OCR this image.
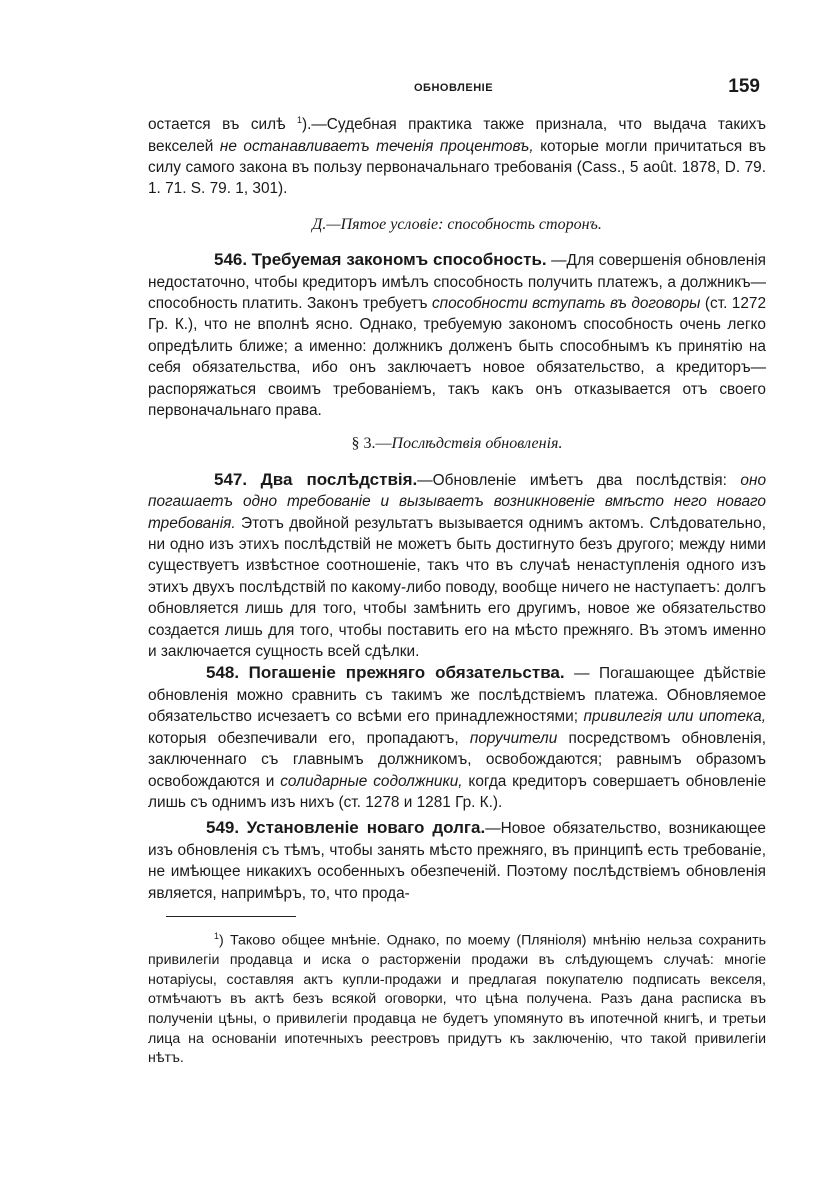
ОБНОВЛЕНІЕ	159

остается въ силѣ $^1$).—Судебная практика также признала, что выдача такихъ векселей не останавливаетъ теченія процентовъ, которые могли причитаться въ силу самого закона въ пользу первоначальнаго требованія (Cass., 5 août. 1878, D. 79. 1. 71. S. 79. 1, 301).

Д.—Пятое условіе: способность сторонъ.

546. Требуемая закономъ способность. —Для совершенія обновленія недостаточно, чтобы кредиторъ имѣлъ способность получить платежъ, а должникъ—способность платить. Законъ требуетъ способности вступать въ договоры (ст. 1272 Гр. К.), что не вполнѣ ясно. Однако, требуемую закономъ способность очень легко опредѣлить ближе; а именно: должникъ долженъ быть способнымъ къ принятію на себя обязательства, ибо онъ заключаетъ новое обязательство, а кредиторъ—распоряжаться своимъ требованіемъ, такъ какъ онъ отказывается отъ своего первоначальнаго права.

§ 3.—Послѣдствія обновленія.

547. Два послѣдствія.—Обновленіе имѣетъ два послѣдствія: оно погашаетъ одно требованіе и вызываетъ возникновеніе вмѣсто него новаго требованія. Этотъ двойной результатъ вызывается однимъ актомъ. Слѣдовательно, ни одно изъ этихъ послѣдствій не можетъ быть достигнуто безъ другого; между ними существуетъ извѣстное соотношеніе, такъ что въ случаѣ ненаступленія одного изъ этихъ двухъ послѣдствій по какому-либо поводу, вообще ничего не наступаетъ: долгъ обновляется лишь для того, чтобы замѣнить его другимъ, новое же обязательство создается лишь для того, чтобы поставить его на мѣсто прежняго. Въ этомъ именно и заключается сущность всей сдѣлки.

548. Погашеніе прежняго обязательства. — Погашающее дѣйствіе обновленія можно сравнить съ такимъ же послѣдствіемъ платежа. Обновляемое обязательство исчезаетъ со всѣми его принадлежностями; привилегія или ипотека, которыя обезпечивали его, пропадаютъ, поручители посредствомъ обновленія, заключеннаго съ главнымъ должникомъ, освобождаются; равнымъ образомъ освобождаются и солидарные содолжники, когда кредиторъ совершаетъ обновленіе лишь съ однимъ изъ нихъ (ст. 1278 и 1281 Гр. К.).

549. Установленіе новаго долга.—Новое обязательство, возникающее изъ обновленія съ тѣмъ, чтобы занять мѣсто прежняго, въ принципѣ есть требованіе, не имѣющее никакихъ особенныхъ обезпеченій. Поэтому послѣдствіемъ обновленія является, напримѣръ, то, что прода-

$^1$) Таково общее мнѣніе. Однако, по моему (Пляніоля) мнѣнію нельза сохранить привилегіи продавца и иска о расторженіи продажи въ слѣдующемъ случаѣ: многіе нотаріусы, составляя актъ купли-продажи и предлагая покупателю подписать векселя, отмѣчаютъ въ актѣ безъ всякой оговорки, что цѣна получена. Разъ дана расписка въ полученіи цѣны, о привилегіи продавца не будетъ упомянуто въ ипотечной книгѣ, и третьи лица на основаніи ипотечныхъ реестровъ придутъ къ заключенію, что такой привилегіи нѣтъ.
